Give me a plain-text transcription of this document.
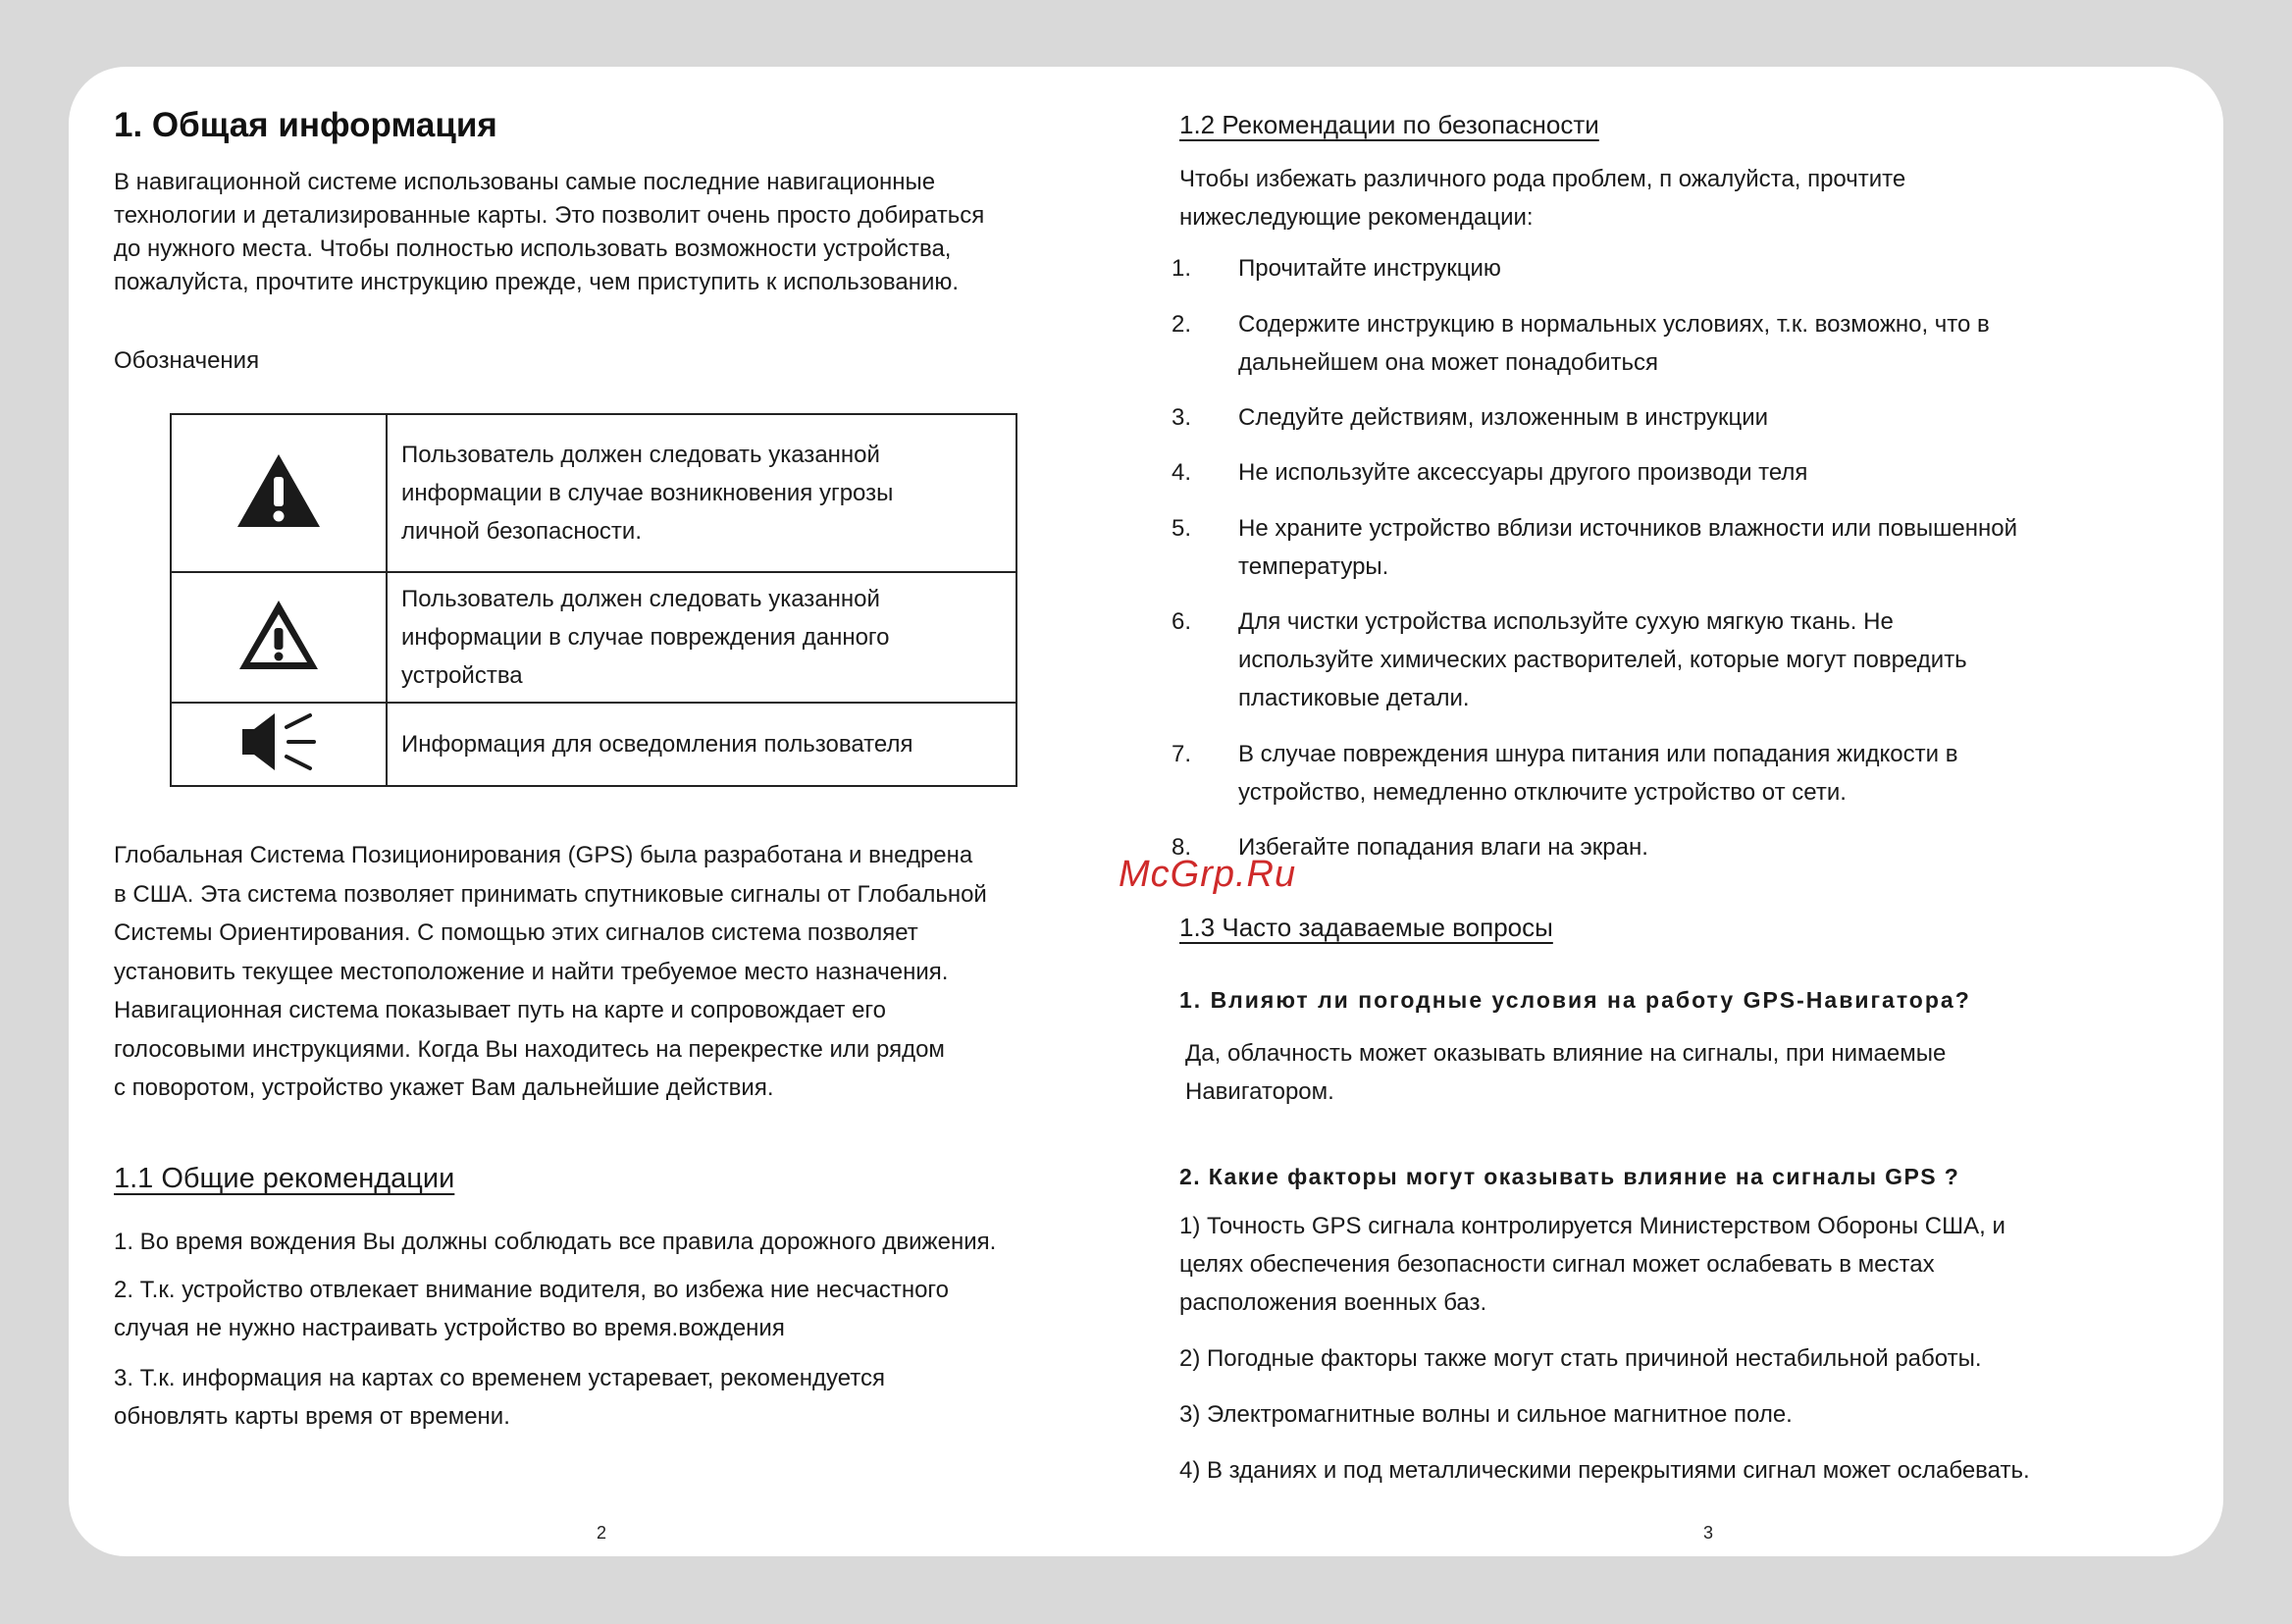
1. Общая информация
В навигационной системе использованы самые последние навигационные
технологии и детализированные карты. Это позволит очень просто добираться
до нужного места. Чтобы полностью использовать возможности устройства,
пожалуйста, прочтите инструкцию прежде, чем приступить к использованию.
Обозначения

Пользователь должен следовать указанной
информации в случае возникновения угрозы
личной безопасности.

Пользователь должен следовать указанной
информации в случае повреждения данного
устройства

Информация для осведомления пользователя
Глобальная Система Позиционирования (GPS) была разработана и внедрена
в США. Эта система позволяет принимать спутниковые сигналы от Глобальной
Системы Ориентирования. С помощью этих сигналов система позволяет
установить текущее местоположение и найти требуемое место назначения.
Навигационная система показывает путь на карте и сопровождает его
голосовыми инструкциями. Когда Вы находитесь на перекрестке или рядом
с поворотом, устройство укажет Вам дальнейшие действия.
1.1 Общие рекомендации
1. Во время вождения Вы должны соблюдать все правила дорожного движения.
2. Т.к. устройство отвлекает внимание водителя, во избежа ние несчастного
случая не нужно настраивать устройство во время.вождения
3. Т.к. информация на картах со временем устаревает, рекомендуется
обновлять карты время от времени.
2
1.2 Рекомендации по безопасности
Чтобы избежать различного рода проблем, п ожалуйста, прочтите
нижеследующие рекомендации:
1. Прочитайте инструкцию
2. Содержите инструкцию в нормальных условиях, т.к. возможно, что в
дальнейшем она может понадобиться
3. Следуйте действиям, изложенным в инструкции
4. Не используйте аксессуары другого производи теля
5. Не храните устройство вблизи источников влажности или повышенной
температуры.
6. Для чистки устройства используйте сухую мягкую ткань. Не
используйте химических растворителей, которые могут повредить
пластиковые детали.
7. В случае повреждения шнура питания или попадания жидкости в
устройство, немедленно отключите устройство от сети.
8. Избегайте попадания влаги на экран.
1.3 Часто задаваемые вопросы
1. Влияют ли погодные условия на работу GPS-Навигатора?
Да, облачность может оказывать влияние на сигналы, при нимаемые
Навигатором.
2. Какие факторы могут оказывать влияние на сигналы GPS ?
1) Точность GPS сигнала контролируется Министерством Обороны США, и
целях обеспечения безопасности сигнал может ослабевать в местах
расположения военных баз.
2) Погодные факторы также могут стать причиной нестабильной работы.
3) Электромагнитные волны и сильное магнитное поле.
4) В зданиях и под металлическими перекрытиями сигнал может ослабевать.
3
McGrp.Ru
